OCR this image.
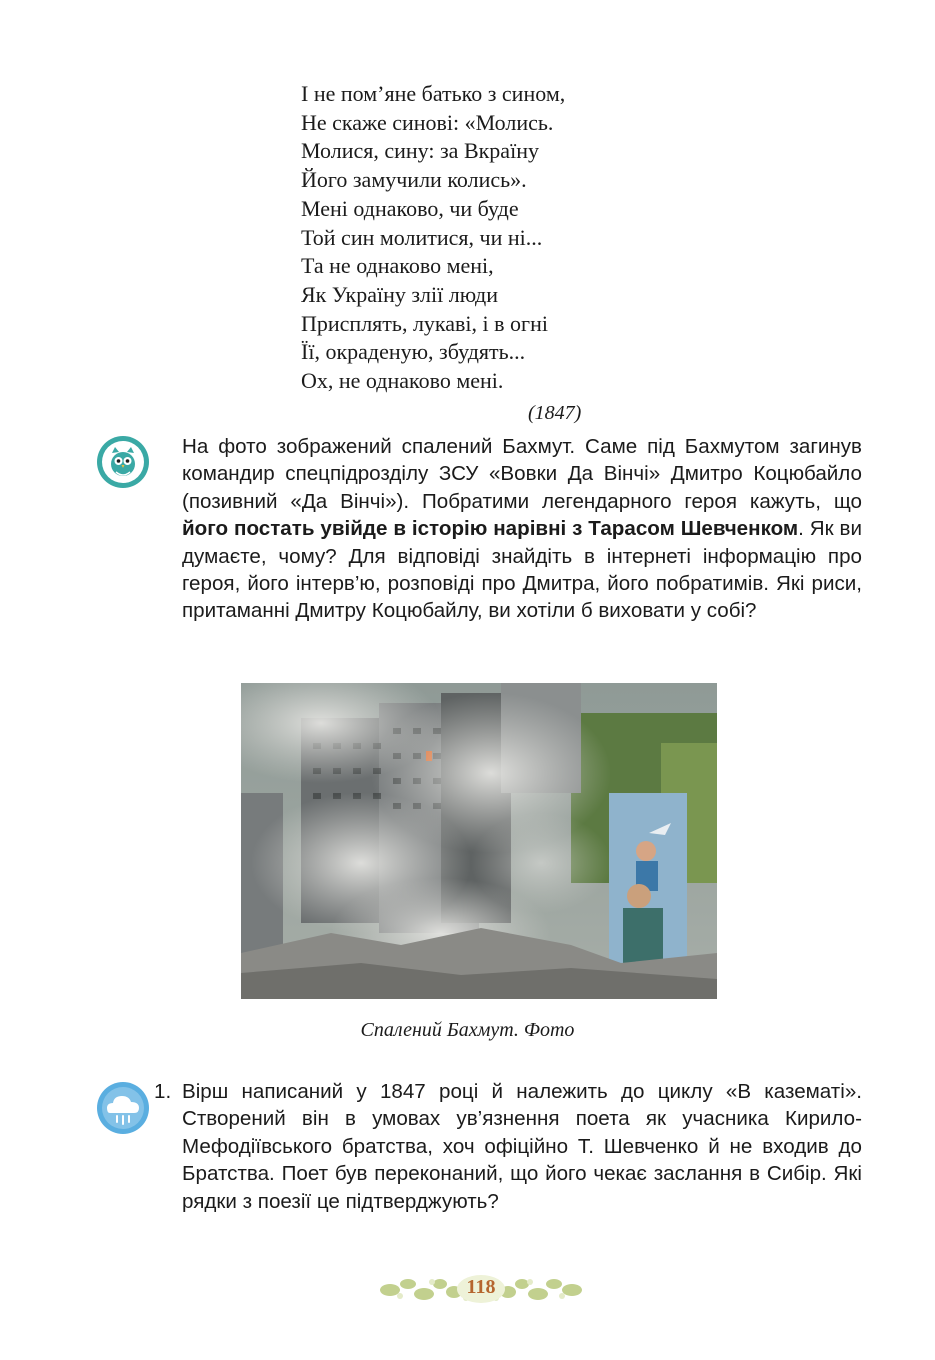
І не пом’яне батько з сином,
Не скаже синові: «Молись.
Молися, сину: за Вкраїну
Його замучили колись».
Мені однаково, чи буде
Той син молитися, чи ні...
Та не однаково мені,
Як Україну злії люди
Присплять, лукаві, і в огні
Її, окраденую, збудять...
Ох, не однаково мені.
(1847)
На фото зображений спалений Бахмут. Саме під Бахмутом загинув командир спецпідрозділу ЗСУ «Вовки Да Вінчі» Дмитро Коцюбайло (позивний «Да Вінчі»). Побратими легендарного героя кажуть, що його постать увійде в історію нарівні з Тарасом Шевченком. Як ви думаєте, чому? Для відповіді знайдіть в інтернеті інформацію про героя, його інтерв’ю, розповіді про Дмитра, його побратимів. Які риси, притаманні Дмитру Коцюбайлу, ви хотіли б виховати у собі?
Спалений Бахмут. Фото
1. Вірш написаний у 1847 році й належить до циклу «В казематі». Створений він в умовах ув’язнення поета як учасника Кирило-Мефодіївського братства, хоч офіційно Т. Шевченко й не входив до Братства. Поет був переконаний, що його чекає заслання в Сибір. Які рядки з поезії це підтверджують?
118
